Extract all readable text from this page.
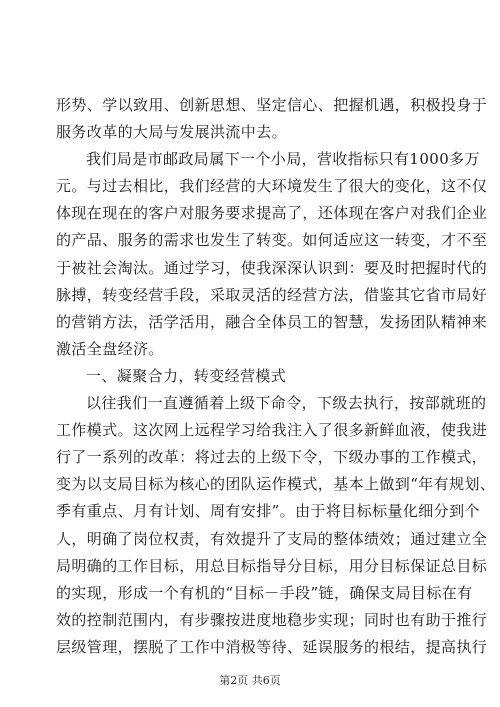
形势、学以致用、创新思想、坚定信心、把握机遇，积极投身于
服务改革的大局与发展洪流中去。
我们局是市邮政局属下一个小局，营收指标只有1000多万
元。与过去相比，我们经营的大环境发生了很大的变化，这不仅
体现在现在的客户对服务要求提高了，还体现在客户对我们企业
的产品、服务的需求也发生了转变。如何适应这一转变，才不至
于被社会淘汰。通过学习，使我深深认识到：要及时把握时代的
脉搏，转变经营手段，采取灵活的经营方法，借鉴其它省市局好
的营销方法，活学活用，融合全体员工的智慧，发扬团队精神来
激活全盘经济。
一、凝聚合力，转变经营模式
以往我们一直遵循着上级下命令，下级去执行，按部就班的
工作模式。这次网上远程学习给我注入了很多新鲜血液，使我进
行了一系列的改革：将过去的上级下令，下级办事的工作模式，
变为以支局目标为核心的团队运作模式，基本上做到“年有规划、
季有重点、月有计划、周有安排”。由于将目标标量化细分到个
人，明确了岗位权责，有效提升了支局的整体绩效；通过建立全
局明确的工作目标，用总目标指导分目标，用分目标保证总目标
的实现，形成一个有机的“目标－手段”链，确保支局目标在有
效的控制范围内，有步骤按进度地稳步实现；同时也有助于推行
层级管理，摆脱了工作中消极等待、延误服务的根结，提高执行
第2页 共6页
